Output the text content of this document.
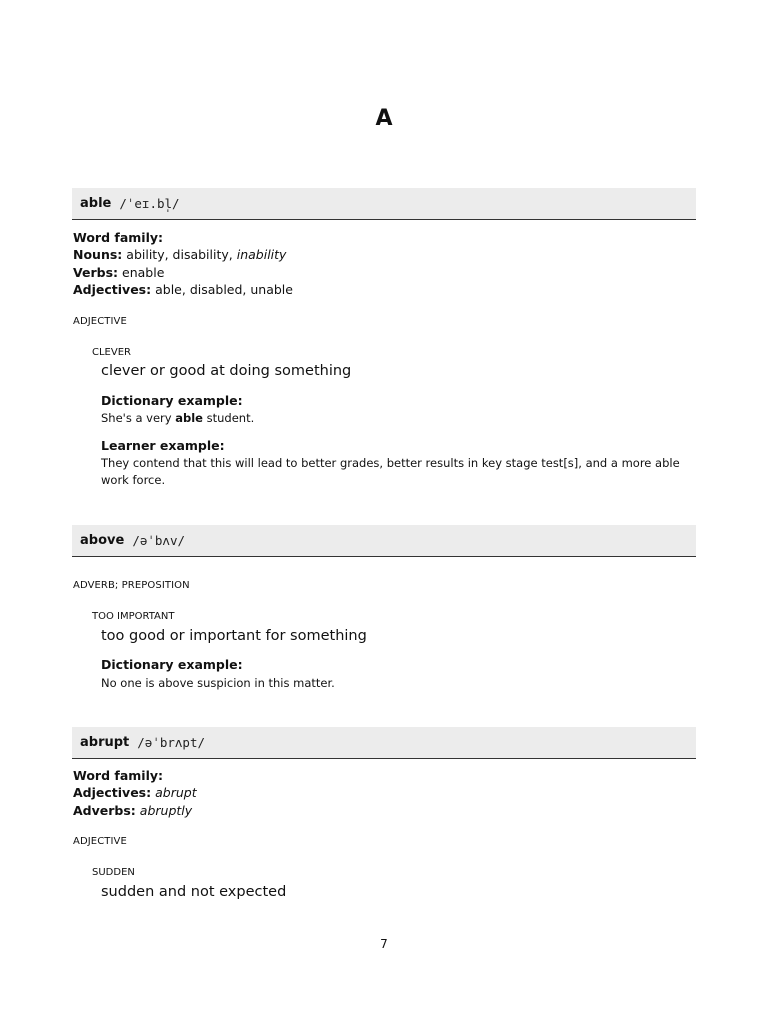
A
able /ˈeɪ.bl̩/
Word family:
Nouns: ability, disability, inability
Verbs: enable
Adjectives: able, disabled, unable
ADJECTIVE
CLEVER
clever or good at doing something
Dictionary example:
She's a very able student.
Learner example:
They contend that this will lead to better grades, better results in key stage test[s], and a more able work force.
above /əˈbʌv/
ADVERB; PREPOSITION
TOO IMPORTANT
too good or important for something
Dictionary example:
No one is above suspicion in this matter.
abrupt /əˈbrʌpt/
Word family:
Adjectives: abrupt
Adverbs: abruptly
ADJECTIVE
SUDDEN
sudden and not expected
7
